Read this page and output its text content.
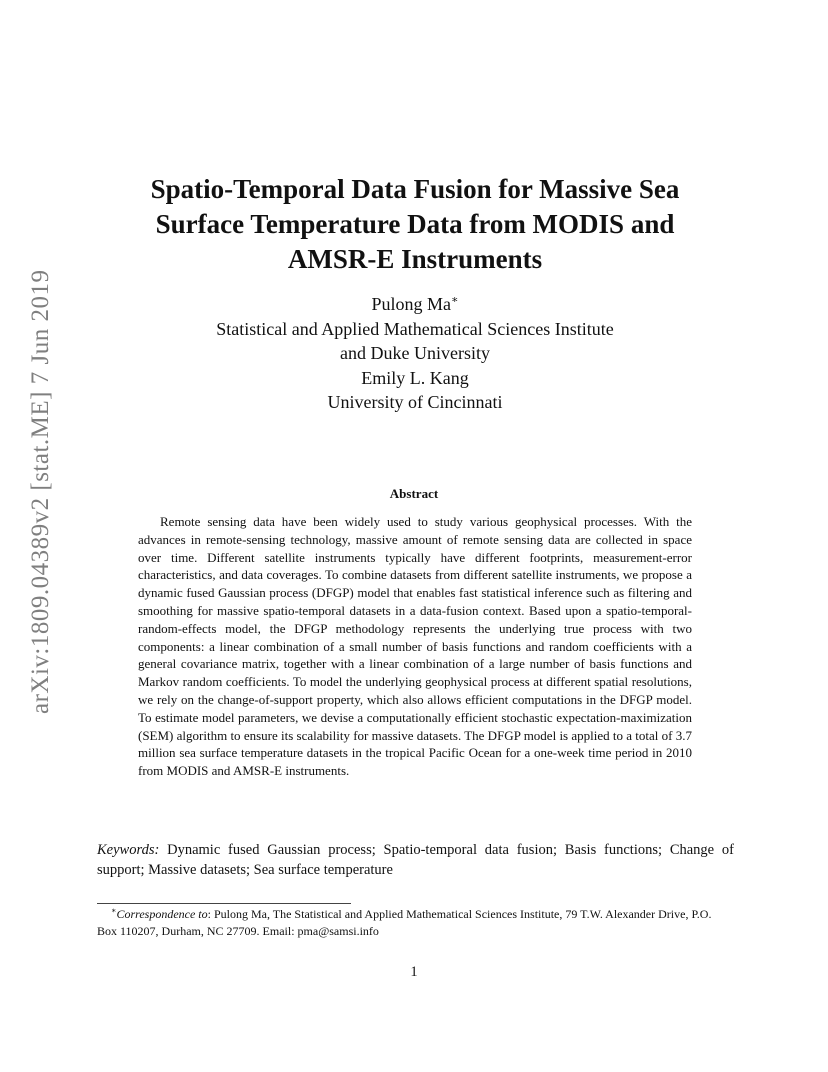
arXiv:1809.04389v2 [stat.ME] 7 Jun 2019
Spatio-Temporal Data Fusion for Massive Sea
Surface Temperature Data from MODIS and
AMSR-E Instruments
Pulong Ma∗
Statistical and Applied Mathematical Sciences Institute
and Duke University
Emily L. Kang
University of Cincinnati
Abstract

Remote sensing data have been widely used to study various geophysical processes. With the advances in remote-sensing technology, massive amount of remote sensing data are collected in space over time. Different satellite instruments typically have different footprints, measurement-error characteristics, and data coverages. To combine datasets from different satellite instruments, we propose a dynamic fused Gaussian process (DFGP) model that enables fast statistical inference such as filtering and smoothing for massive spatio-temporal datasets in a data-fusion context. Based upon a spatio-temporal-random-effects model, the DFGP methodology represents the underlying true process with two components: a linear combination of a small number of basis functions and random coefficients with a general covariance matrix, together with a linear combination of a large number of basis functions and Markov random coefficients. To model the underlying geophysical process at different spatial resolutions, we rely on the change-of-support property, which also allows efficient computations in the DFGP model. To estimate model parameters, we devise a computationally efficient stochastic expectation-maximization (SEM) algorithm to ensure its scalability for massive datasets. The DFGP model is applied to a total of 3.7 million sea surface temperature datasets in the tropical Pacific Ocean for a one-week time period in 2010 from MODIS and AMSR-E instruments.

Keywords: Dynamic fused Gaussian process; Spatio-temporal data fusion; Basis functions; Change of support; Massive datasets; Sea surface temperature

∗Correspondence to: Pulong Ma, The Statistical and Applied Mathematical Sciences Institute, 79 T.W. Alexander Drive, P.O. Box 110207, Durham, NC 27709. Email: pma@samsi.info

1
